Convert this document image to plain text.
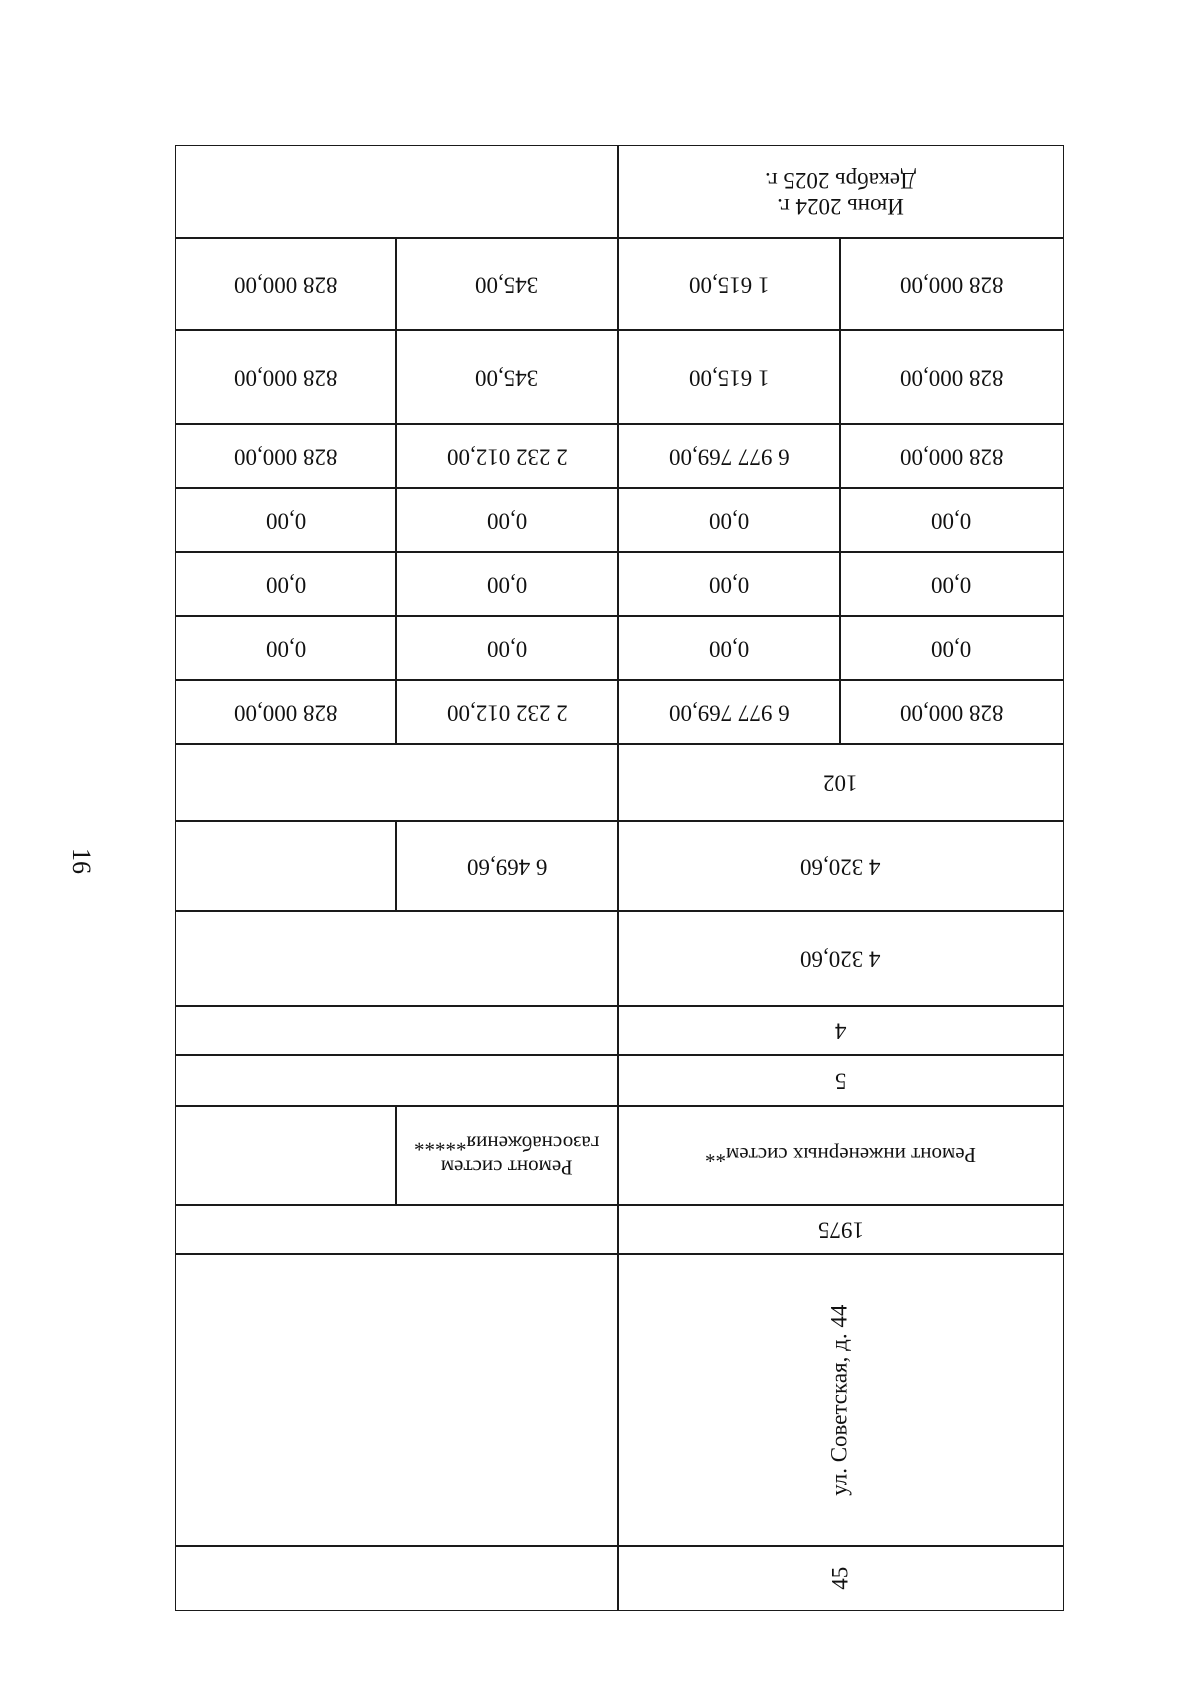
16
Июнь 2024 г.
Декабрь 2025 г.
828 000,00	345,00	1 615,00	828 000,00
828 000,00	345,00	1 615,00	828 000,00
828 000,00	2 232 012,00	6 977 769,00	828 000,00
0,00	0,00	0,00	0,00
0,00	0,00	0,00	0,00
0,00	0,00	0,00	0,00
828 000,00	2 232 012,00	6 977 769,00	828 000,00
102
6 469,60	4 320,60
4 320,60
4
5
Ремонт систем
газоснабжения*****
Ремонт инженерных систем**
1975
ул. Советская, д. 44
45
